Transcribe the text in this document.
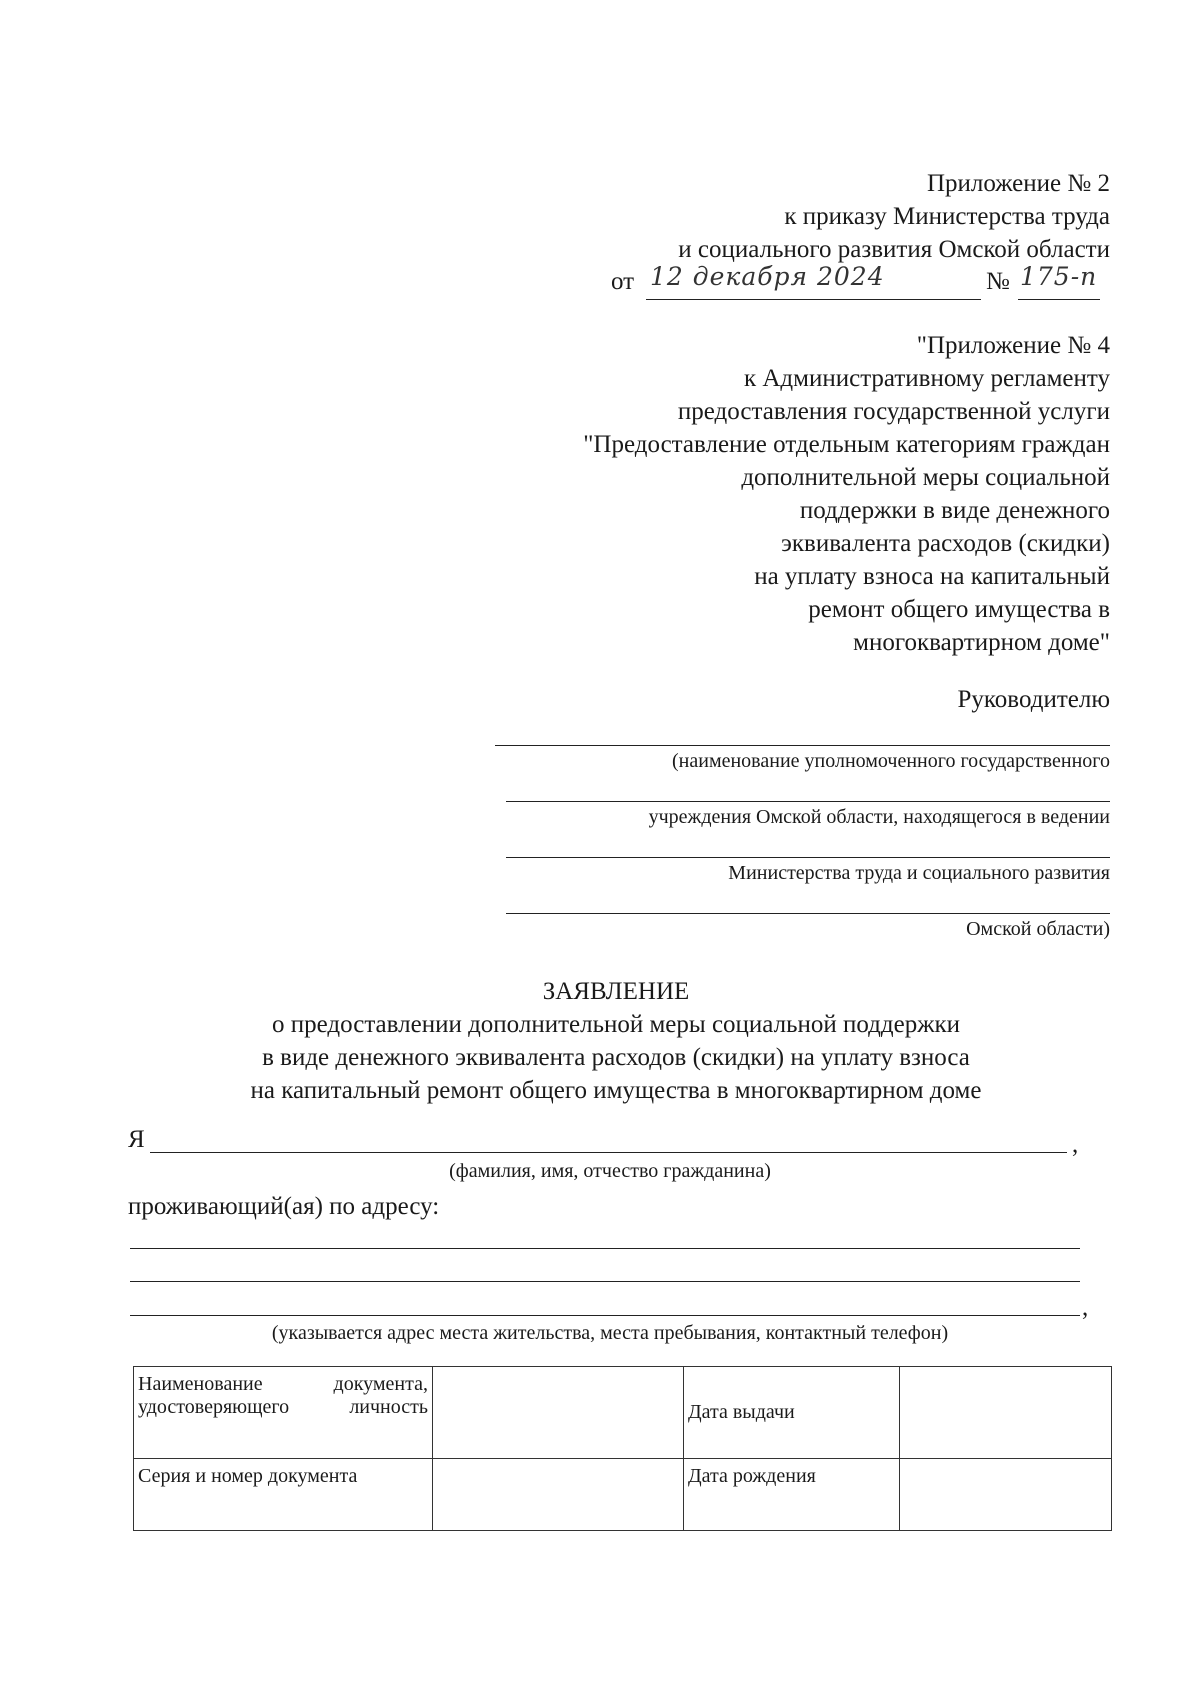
Приложение № 2
к приказу Министерства труда
и социального развития Омской области
от 12 декабря 2024	№ 175-п
"Приложение № 4
к Административному регламенту
предоставления государственной услуги
"Предоставление отдельным категориям граждан
дополнительной меры социальной
поддержки в виде денежного
эквивалента расходов (скидки)
на уплату взноса на капитальный
ремонт общего имущества в
многоквартирном доме"
Руководителю
(наименование уполномоченного государственного
учреждения Омской области, находящегося в ведении
Министерства труда и социального развития
Омской области)
ЗАЯВЛЕНИЕ
о предоставлении дополнительной меры социальной поддержки
в виде денежного эквивалента расходов (скидки) на уплату взноса
на капитальный ремонт общего имущества в многоквартирном доме
Я	,
(фамилия, имя, отчество гражданина)
проживающий(ая) по адресу:
,
(указывается адрес места жительства, места пребывания, контактный телефон)
Наименование документа, удостоверяющего личность		Дата выдачи	
Серия и номер документа		Дата рождения	
